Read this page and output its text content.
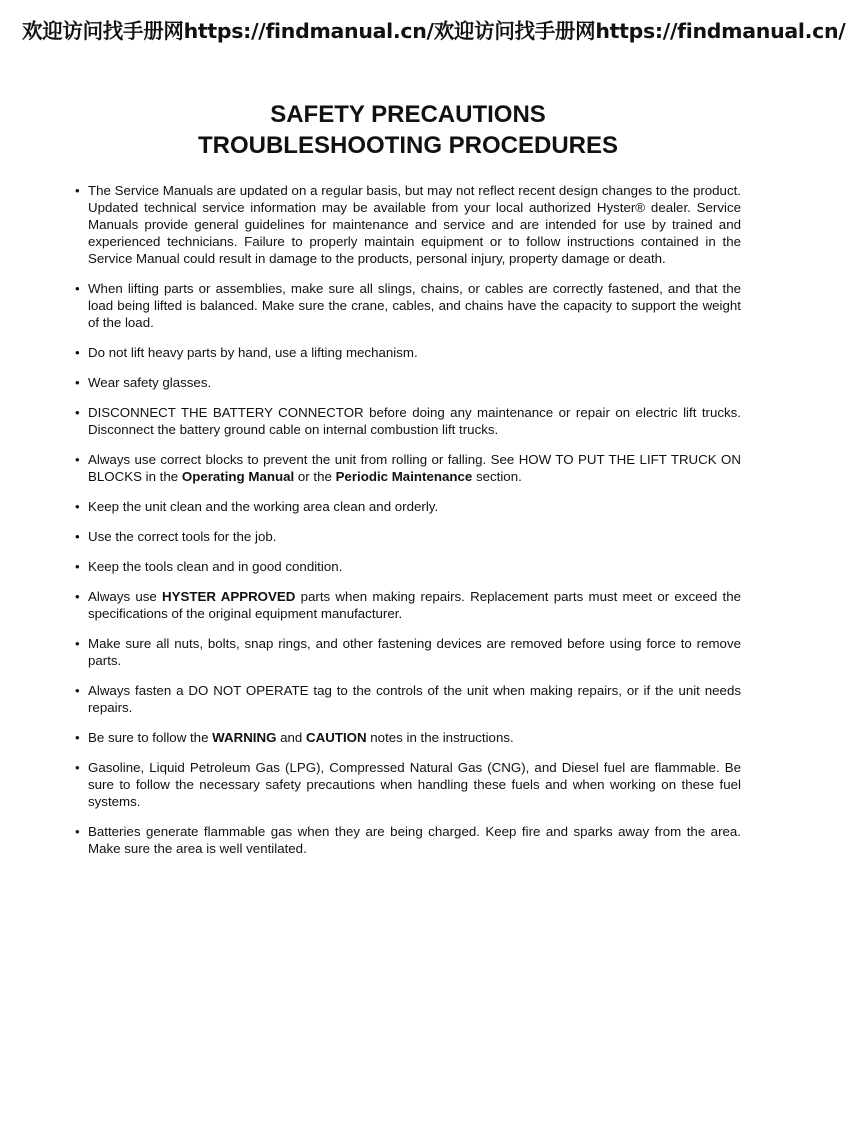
欢迎访问找手册网https://findmanual.cn/欢迎访问找手册网https://findmanual.cn/
SAFETY PRECAUTIONS
TROUBLESHOOTING PROCEDURES
• The Service Manuals are updated on a regular basis, but may not reflect recent design changes to the product. Updated technical service information may be available from your local authorized Hyster® dealer. Service Manuals provide general guidelines for maintenance and service and are intended for use by trained and experienced technicians. Failure to properly maintain equipment or to follow instructions contained in the Service Manual could result in damage to the products, personal injury, property damage or death.
• When lifting parts or assemblies, make sure all slings, chains, or cables are correctly fastened, and that the load being lifted is balanced. Make sure the crane, cables, and chains have the capacity to support the weight of the load.
• Do not lift heavy parts by hand, use a lifting mechanism.
• Wear safety glasses.
• DISCONNECT THE BATTERY CONNECTOR before doing any maintenance or repair on electric lift trucks. Disconnect the battery ground cable on internal combustion lift trucks.
• Always use correct blocks to prevent the unit from rolling or falling. See HOW TO PUT THE LIFT TRUCK ON BLOCKS in the Operating Manual or the Periodic Maintenance section.
• Keep the unit clean and the working area clean and orderly.
• Use the correct tools for the job.
• Keep the tools clean and in good condition.
• Always use HYSTER APPROVED parts when making repairs. Replacement parts must meet or exceed the specifications of the original equipment manufacturer.
• Make sure all nuts, bolts, snap rings, and other fastening devices are removed before using force to remove parts.
• Always fasten a DO NOT OPERATE tag to the controls of the unit when making repairs, or if the unit needs repairs.
• Be sure to follow the WARNING and CAUTION notes in the instructions.
• Gasoline, Liquid Petroleum Gas (LPG), Compressed Natural Gas (CNG), and Diesel fuel are flammable. Be sure to follow the necessary safety precautions when handling these fuels and when working on these fuel systems.
• Batteries generate flammable gas when they are being charged. Keep fire and sparks away from the area. Make sure the area is well ventilated.
